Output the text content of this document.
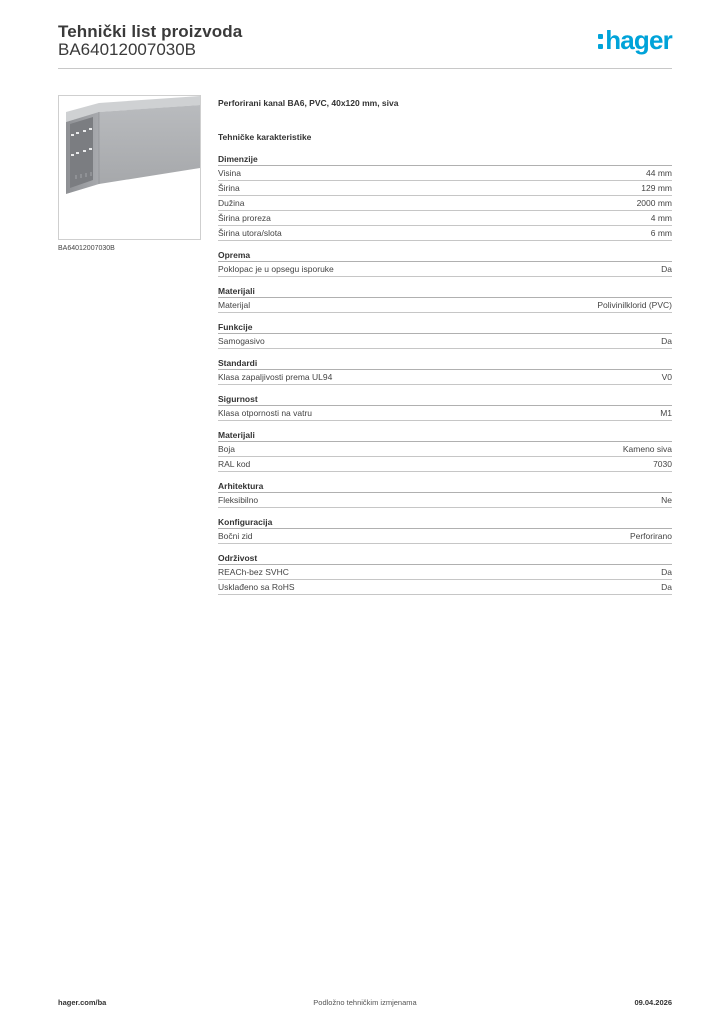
Tehnički list proizvoda
BA64012007030B	hager
BA64012007030B
Perforirani kanal BA6, PVC, 40x120 mm, siva
Tehničke karakteristike
Dimenzije
Visina	44 mm
Širina	129 mm
Dužina	2000 mm
Širina proreza	4 mm
Širina utora/slota	6 mm
Oprema
Poklopac je u opsegu isporuke	Da
Materijali
Materijal	Polivinilklorid (PVC)
Funkcije
Samogasivo	Da
Standardi
Klasa zapaljivosti prema UL94	V0
Sigurnost
Klasa otpornosti na vatru	M1
Materijali
Boja	Kameno siva
RAL kod	7030
Arhitektura
Fleksibilno	Ne
Konfiguracija
Bočni zid	Perforirano
Održivost
REACh-bez SVHC	Da
Usklađeno sa RoHS	Da
hager.com/ba	Podložno tehničkim izmjenama	09.04.2026
